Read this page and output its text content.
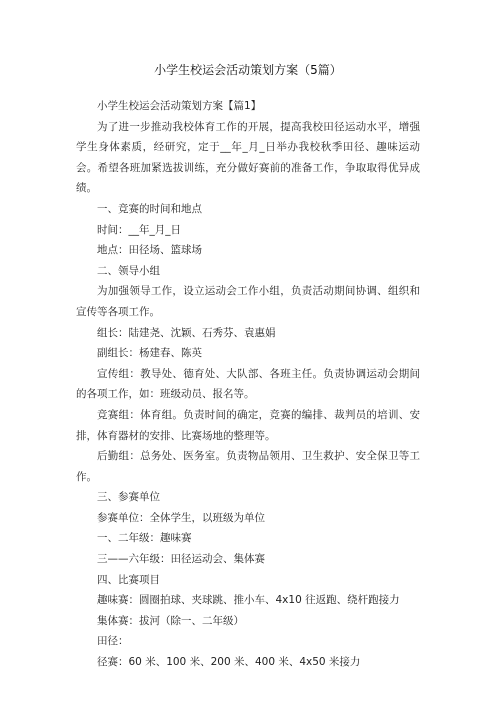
小学生校运会活动策划方案（5篇）

小学生校运会活动策划方案【篇1】

为了进一步推动我校体育工作的开展，提高我校田径运动水平，增强学生身体素质，经研究，定于__年_月_日举办我校秋季田径、趣味运动会。希望各班加紧选拔训练，充分做好赛前的准备工作，争取取得优异成绩。

一、竞赛的时间和地点

时间：__年_月_日

地点：田径场、篮球场

二、领导小组

为加强领导工作，设立运动会工作小组，负责活动期间协调、组织和宣传等各项工作。

组长：陆建尧、沈颖、石秀芬、袁惠娟

副组长：杨建春、陈英

宣传组：教导处、德育处、大队部、各班主任。负责协调运动会期间的各项工作，如：班级动员、报名等。

竞赛组：体育组。负责时间的确定，竞赛的编排、裁判员的培训、安排，体育器材的安排、比赛场地的整理等。

后勤组：总务处、医务室。负责物品领用、卫生救护、安全保卫等工作。

三、参赛单位

参赛单位：全体学生，以班级为单位

一、二年级：趣味赛

三——六年级：田径运动会、集体赛

四、比赛项目

趣味赛：圆圈拍球、夹球跳、推小车、4x10 往返跑、绕杆跑接力

集体赛：拔河（除一、二年级）

田径：

径赛：60 米、100 米、200 米、400 米、4x50 米接力
